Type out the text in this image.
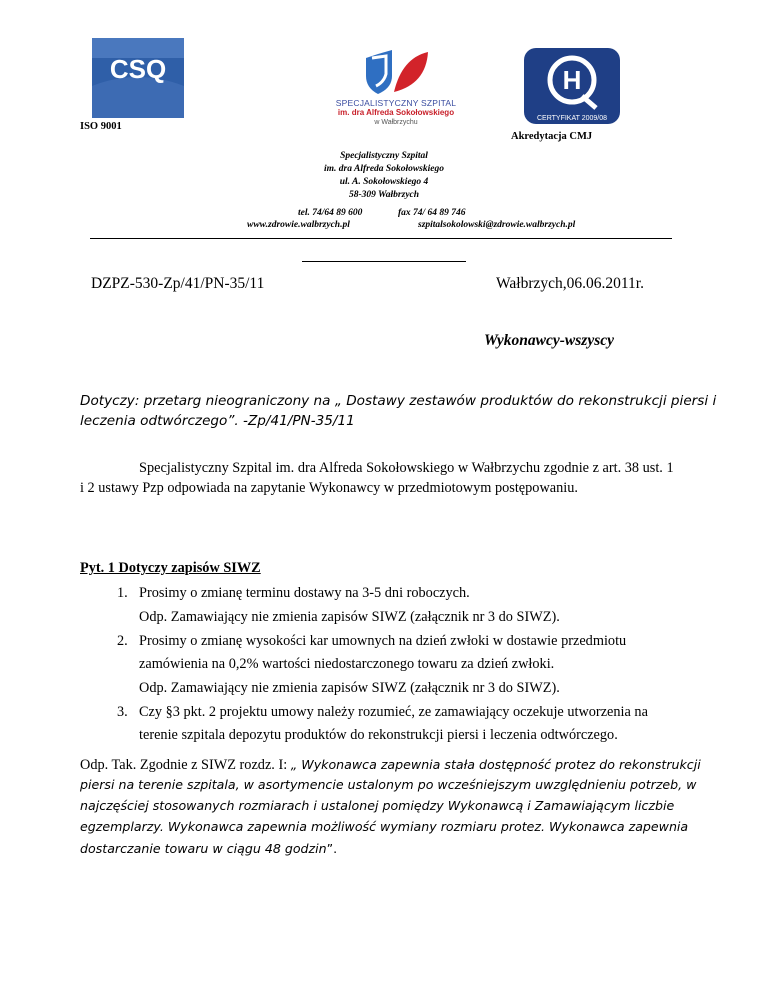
CSQ
SPECJALISTYCZNY SZPITAL
im. dra Alfreda Sokołowskiego
w Wałbrzychu
H
CERTYFIKAT 2009/08
ISO 9001
Akredytacja CMJ
Specjalistyczny Szpital
im. dra Alfreda Sokołowskiego
ul. A. Sokołowskiego 4
58-309 Wałbrzych
tel. 74/64 89 600	fax 74/ 64 89 746
www.zdrowie.walbrzych.pl	szpitalsokolowski@zdrowie.walbrzych.pl
DZPZ-530-Zp/41/PN-35/11	Wałbrzych,06.06.2011r.
Wykonawcy-wszyscy
Dotyczy: przetarg nieograniczony na „ Dostawy zestawów produktów do rekonstrukcji piersi i
leczenia odtwórczego”. -Zp/41/PN-35/11
Specjalistyczny Szpital im. dra Alfreda Sokołowskiego w Wałbrzychu zgodnie z art. 38 ust. 1
i 2 ustawy Pzp odpowiada na zapytanie Wykonawcy w przedmiotowym postępowaniu.
Pyt. 1 Dotyczy zapisów SIWZ
1. Prosimy o zmianę terminu dostawy na 3-5 dni roboczych.
Odp. Zamawiający nie zmienia zapisów SIWZ (załącznik nr 3 do SIWZ).
2. Prosimy o zmianę wysokości kar umownych na dzień zwłoki w dostawie przedmiotu
zamówienia na 0,2% wartości niedostarczonego towaru za dzień zwłoki.
Odp. Zamawiający nie zmienia zapisów SIWZ (załącznik nr 3 do SIWZ).
3. Czy §3 pkt. 2 projektu umowy należy rozumieć, ze zamawiający oczekuje utworzenia na
terenie szpitala depozytu produktów do rekonstrukcji piersi i leczenia odtwórczego.
Odp. Tak. Zgodnie z SIWZ rozdz. I: „ Wykonawca zapewnia stała dostępność protez do rekonstrukcji
piersi na terenie szpitala, w asortymencie ustalonym po wcześniejszym uwzględnieniu potrzeb, w
najczęściej stosowanych rozmiarach i ustalonej pomiędzy Wykonawcą i Zamawiającym liczbie
egzemplarzy. Wykonawca zapewnia możliwość wymiany rozmiaru protez. Wykonawca zapewnia
dostarczanie towaru w ciągu 48 godzin”.
